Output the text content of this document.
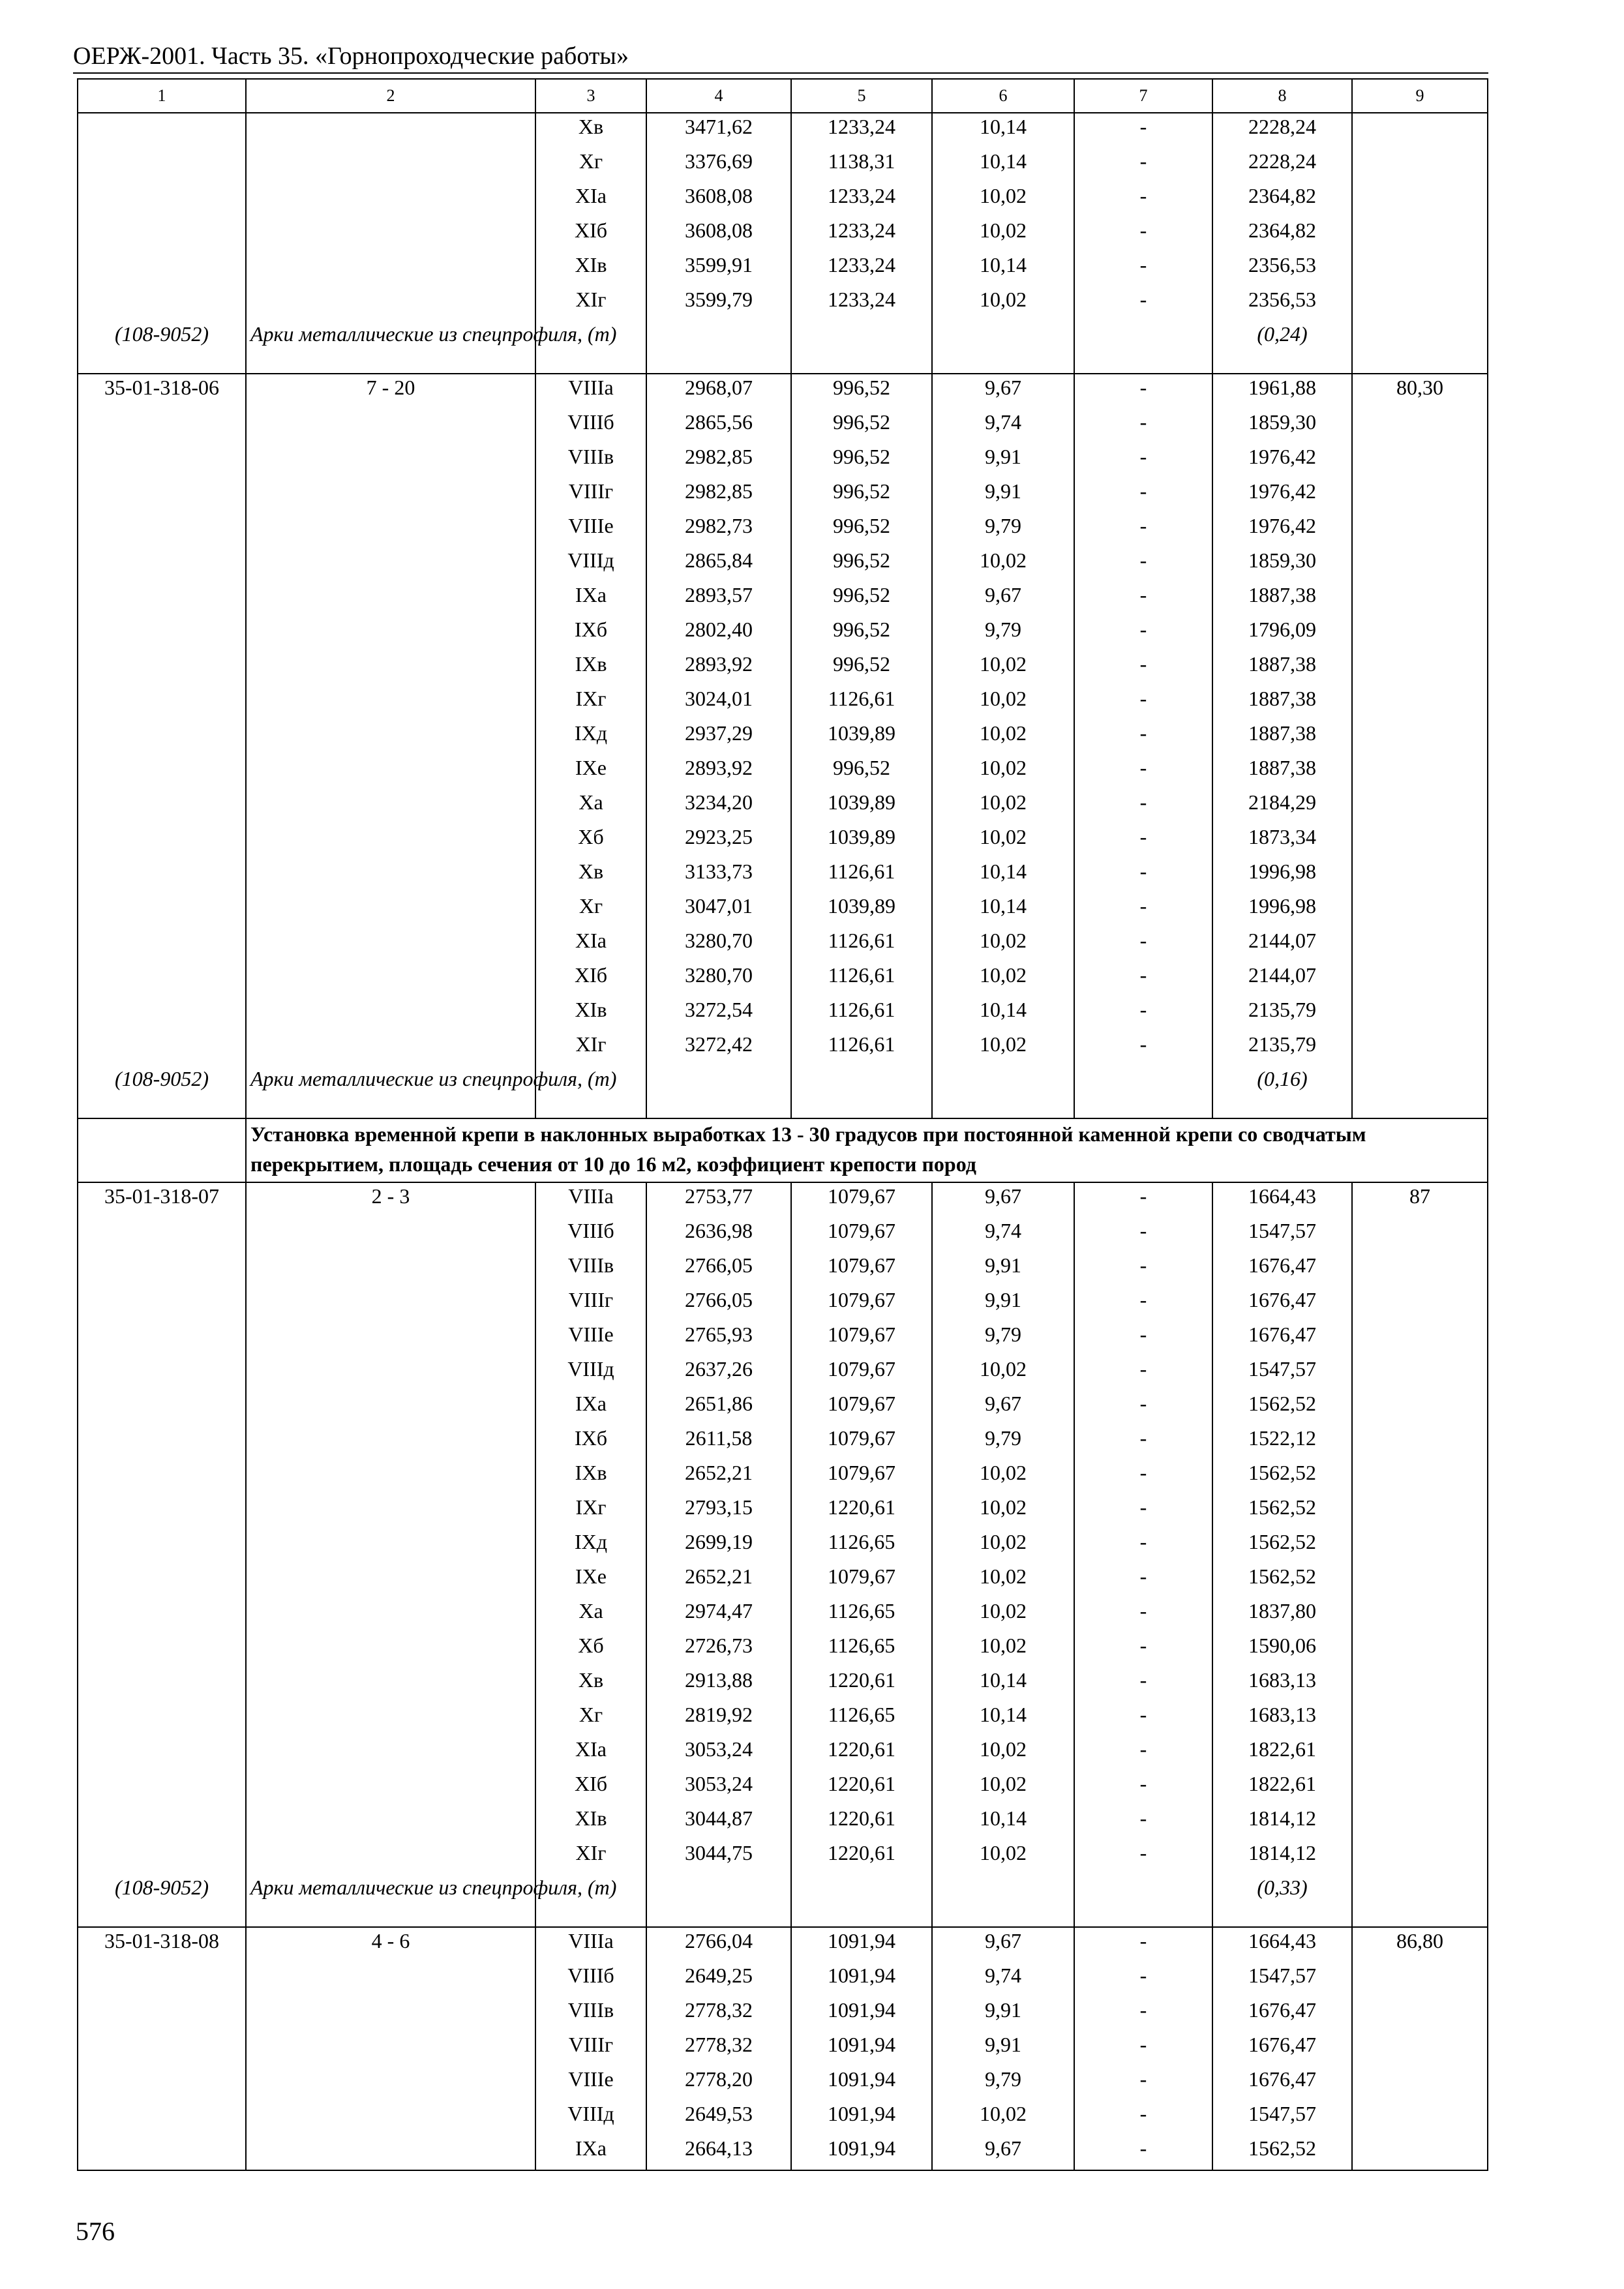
ОЕРЖ-2001. Часть 35. «Горнопроходческие работы»
1	2	3	4	5	6	7	8	9
		Хв	3471,62	1233,24	10,14	-	2228,24	
		Хг	3376,69	1138,31	10,14	-	2228,24	
		ХIа	3608,08	1233,24	10,02	-	2364,82	
		ХIб	3608,08	1233,24	10,02	-	2364,82	
		ХIв	3599,91	1233,24	10,14	-	2356,53	
		ХIг	3599,79	1233,24	10,02	-	2356,53	
(108-9052)	Арки металлические из спецпрофиля, (т)						(0,24)	
35-01-318-06	7 - 20	VIIIа	2968,07	996,52	9,67	-	1961,88	80,30
		VIIIб	2865,56	996,52	9,74	-	1859,30	
		VIIIв	2982,85	996,52	9,91	-	1976,42	
		VIIIг	2982,85	996,52	9,91	-	1976,42	
		VIIIе	2982,73	996,52	9,79	-	1976,42	
		VIIIд	2865,84	996,52	10,02	-	1859,30	
		IХа	2893,57	996,52	9,67	-	1887,38	
		IХб	2802,40	996,52	9,79	-	1796,09	
		IХв	2893,92	996,52	10,02	-	1887,38	
		IХг	3024,01	1126,61	10,02	-	1887,38	
		IХд	2937,29	1039,89	10,02	-	1887,38	
		IХе	2893,92	996,52	10,02	-	1887,38	
		Ха	3234,20	1039,89	10,02	-	2184,29	
		Хб	2923,25	1039,89	10,02	-	1873,34	
		Хв	3133,73	1126,61	10,14	-	1996,98	
		Хг	3047,01	1039,89	10,14	-	1996,98	
		ХIа	3280,70	1126,61	10,02	-	2144,07	
		ХIб	3280,70	1126,61	10,02	-	2144,07	
		ХIв	3272,54	1126,61	10,14	-	2135,79	
		ХIг	3272,42	1126,61	10,02	-	2135,79	
(108-9052)	Арки металлические из спецпрофиля, (т)						(0,16)	
	Установка временной крепи в наклонных выработках 13 - 30 градусов при постоянной каменной крепи со сводчатым перекрытием, площадь сечения от 10 до 16 м2, коэффициент крепости пород							
35-01-318-07	2 - 3	VIIIа	2753,77	1079,67	9,67	-	1664,43	87
		VIIIб	2636,98	1079,67	9,74	-	1547,57	
		VIIIв	2766,05	1079,67	9,91	-	1676,47	
		VIIIг	2766,05	1079,67	9,91	-	1676,47	
		VIIIе	2765,93	1079,67	9,79	-	1676,47	
		VIIIд	2637,26	1079,67	10,02	-	1547,57	
		IХа	2651,86	1079,67	9,67	-	1562,52	
		IХб	2611,58	1079,67	9,79	-	1522,12	
		IХв	2652,21	1079,67	10,02	-	1562,52	
		IХг	2793,15	1220,61	10,02	-	1562,52	
		IХд	2699,19	1126,65	10,02	-	1562,52	
		IХе	2652,21	1079,67	10,02	-	1562,52	
		Ха	2974,47	1126,65	10,02	-	1837,80	
		Хб	2726,73	1126,65	10,02	-	1590,06	
		Хв	2913,88	1220,61	10,14	-	1683,13	
		Хг	2819,92	1126,65	10,14	-	1683,13	
		ХIа	3053,24	1220,61	10,02	-	1822,61	
		ХIб	3053,24	1220,61	10,02	-	1822,61	
		ХIв	3044,87	1220,61	10,14	-	1814,12	
		ХIг	3044,75	1220,61	10,02	-	1814,12	
(108-9052)	Арки металлические из спецпрофиля, (т)						(0,33)	
35-01-318-08	4 - 6	VIIIа	2766,04	1091,94	9,67	-	1664,43	86,80
		VIIIб	2649,25	1091,94	9,74	-	1547,57	
		VIIIв	2778,32	1091,94	9,91	-	1676,47	
		VIIIг	2778,32	1091,94	9,91	-	1676,47	
		VIIIе	2778,20	1091,94	9,79	-	1676,47	
		VIIIд	2649,53	1091,94	10,02	-	1547,57	
		IХа	2664,13	1091,94	9,67	-	1562,52	
576
